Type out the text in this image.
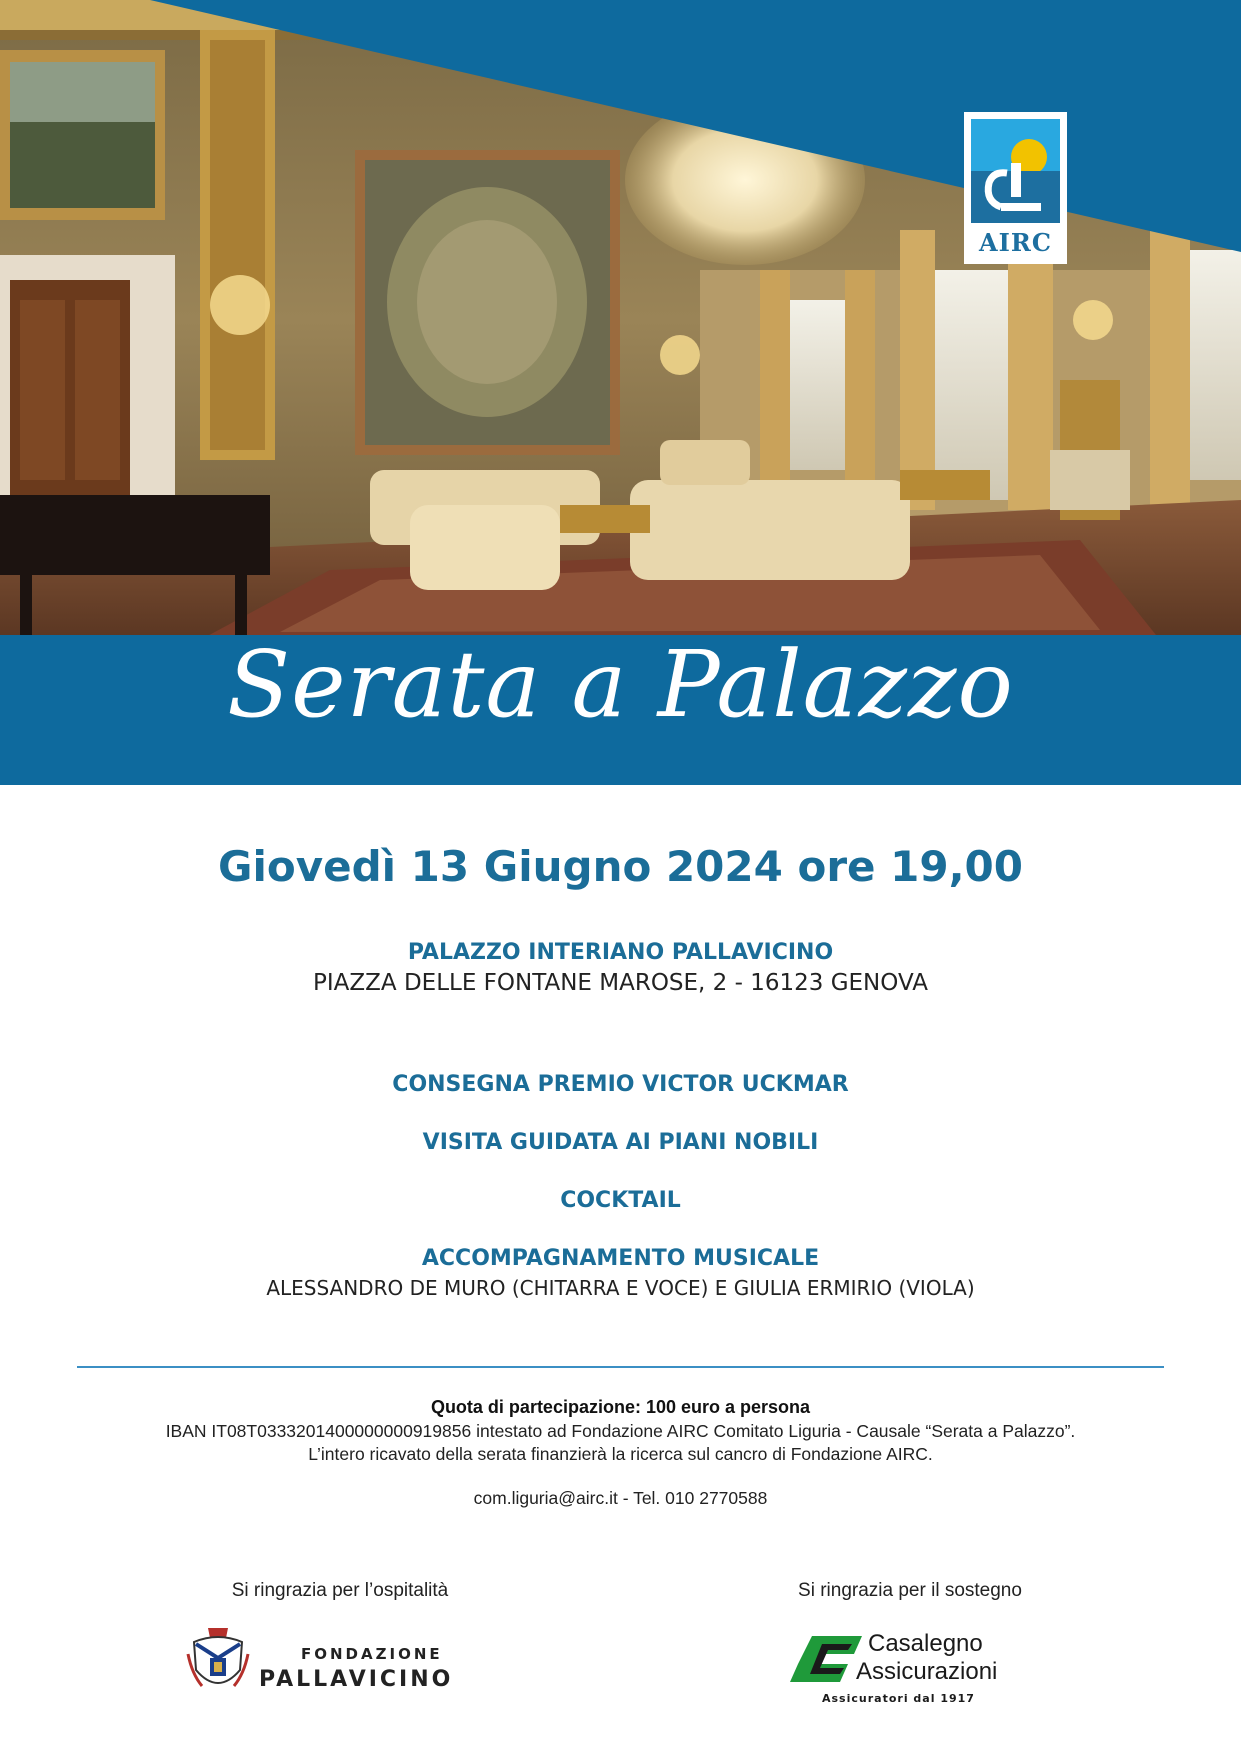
Serata a Palazzo
AIRC
Giovedì 13 Giugno 2024 ore 19,00
PALAZZO INTERIANO PALLAVICINO
PIAZZA DELLE FONTANE MAROSE, 2 - 16123 GENOVA
CONSEGNA PREMIO VICTOR UCKMAR
VISITA GUIDATA AI PIANI NOBILI
COCKTAIL
ACCOMPAGNAMENTO MUSICALE
ALESSANDRO DE MURO (CHITARRA E VOCE) E GIULIA ERMIRIO (VIOLA)
Quota di partecipazione: 100 euro a persona
IBAN IT08T0333201400000000919856 intestato ad Fondazione AIRC Comitato Liguria - Causale “Serata a Palazzo”.
L’intero ricavato della serata finanzierà la ricerca sul cancro di Fondazione AIRC.
com.liguria@airc.it - Tel. 010 2770588
Si ringrazia per l’ospitalità	Si ringrazia per il sostegno
FONDAZIONE
PALLAVICINO
Casalegno
Assicurazioni
Assicuratori dal 1917
